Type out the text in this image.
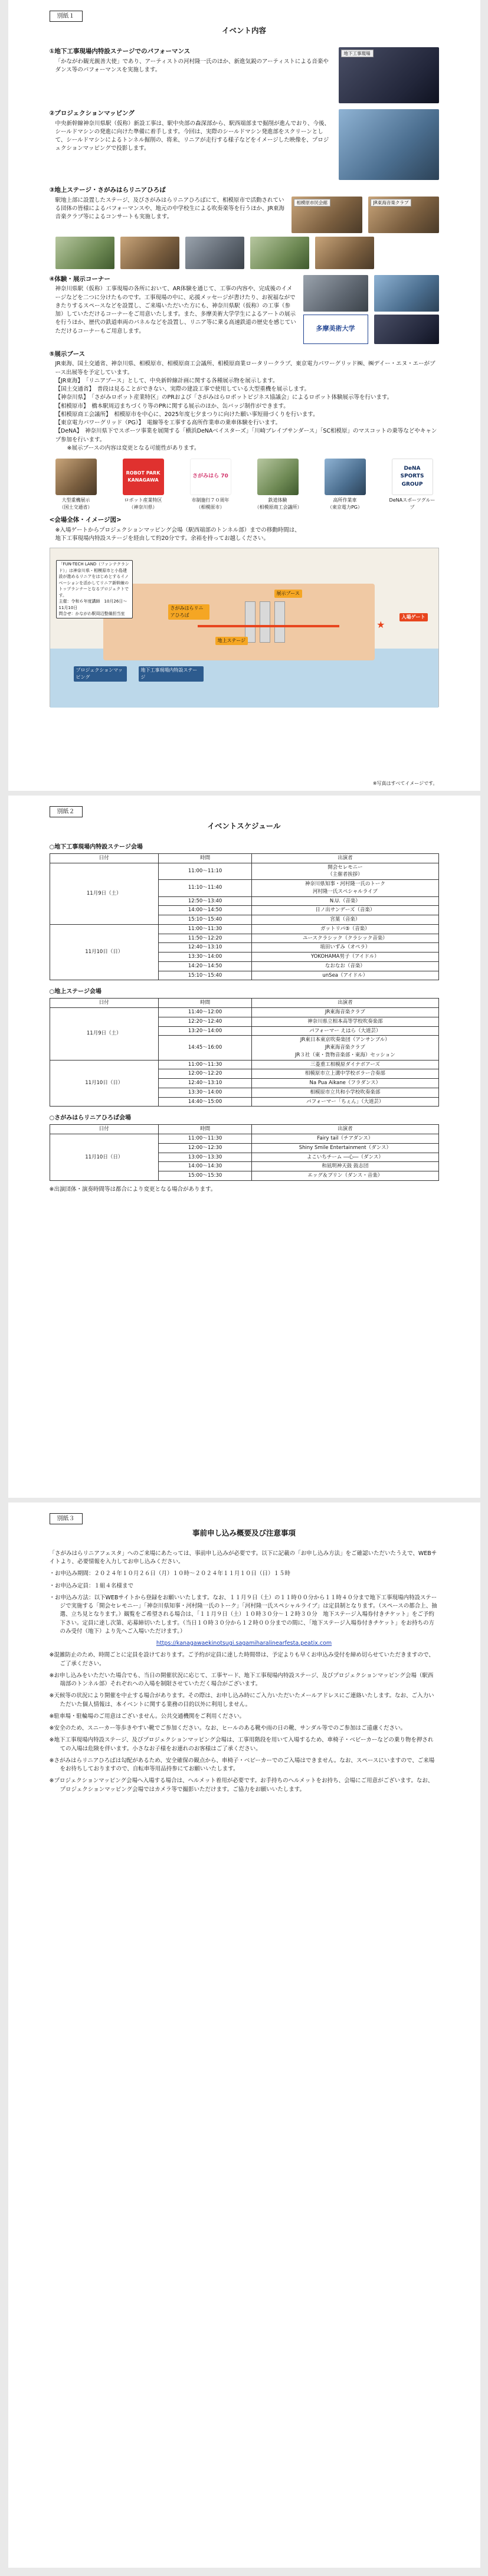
別紙１
イベント内容
①地下工事現場内特設ステージでのパフォーマンス
「かながわ観光親善大使」であり、アーティストの河村隆一氏のほか、新進気鋭のアーティストによる音楽やダンス等のパフォーマンスを実施します。
地下工事現場
②プロジェクションマッピング
中央新幹線神奈川県駅（仮称）新設工事は、駅中央部の森深部から、駅西端部まで掘削が進んでおり、今後、シールドマシンの発進に向けた準備に着手します。今回は、実際のシールドマシン発進部をスクリーンとして、シールドマシンによるトンネル掘削の、将来、リニアが走行する様子などをイメージした映像を、プロジェクションマッピングで投影します。
③地上ステージ・さがみはらリニアひろば
駅地上部に設置したステージ、及びさがみはらリニアひろばにて、相模原市で活動されている団体の皆様によるパフォーマンスや、地元の中学校生による吹奏楽等を行うほか、JR東海音楽クラブ等によるコンサートも実施します。
相模原市民会館	JR東海音楽クラブ
④体験・展示コーナー
神奈川県駅（仮称）工事現場の各所において、AR体験を通じて、工事の内容や、完成後のイメージなどを二つに分けたものです。工事現場の中に、応援メッセージが書けたり、お祝福なができたりするスペースなどを設置し、ご来場いただいた方にも、神奈川県駅（仮称）の工事（参加）していただけるコーナーをご用意いたします。また、多摩美術大学学生によるアートの展示を行うほか、歴代の鉄道車両のパネルなどを設置し、リニア等に乗る高速鉄道の歴史を感じていただけるコーナーもご用意します。	多摩美術大学
⑤展示ブース
JR東海、国土交通省、神奈川県、相模原市、相模原商工会議所、相模原商業ロータリークラブ、東京電力パワーグリッド㈱、㈱デイー・エヌ・エーがブース出展等を予定しています。
【JR東海】　「リニアブース」として、中央新幹線計画に関する各種展示物を展示します。
【国土交通省】　普段は見ることができない、実際の建設工事で使用している大型重機を展示します。
【神奈川県】　「さがみロボット産業特区」のPRおよび「さがみはらロボットビジネス協議会」によるロボット体験展示等を行います。
【相模原市】　橋本駅周辺まちづくり等のPRに関する展示のほか、缶バッジ制作ができます。
【相模原商工会議所】　相模原市を中心に、2025年度七夕まつりに向けた願い事短冊づくりを行います。
【東京電力パワーグリッド（PG）】　電線等を工事する高所作業車の乗車体験を行います。
【DeNA】　神奈川県下でスポーツ事業を展開する「横浜DeNAベイスターズ」「川崎ブレイブサンダース」「SC相模原」のマスコットの乗等などやキャンプ参加を行います。
※展示ブースの内容は変更となる可能性があります。
大型重機展示
（国土交通省）
ROBOT PARK KANAGAWA
ロボット産業特区
（神奈川県）
さがみはら 70
市制施行７０周年
（相模原市）
鉄道体験
（相模原商工会議所）
高所作業車
（東京電力PG）
DeNA SPORTS GROUP
DeNAスポーツグループ
<会場全体・イメージ図>
※入場ゲートからプロジェクションマッピング会場（駅西端部のトンネル部）までの移動時間は、
地下工事現場内特設ステージを経由して約20分です。余裕を持ってお越しください。
「FUN-TECH LAND（ファンテクランド）」は神奈川県・相模原市と小島建設が進めるリニアをはじめとするイノベーションを活かしてリニア新幹線のトップランナーとなるプロジェクトです。
主催：令和６年度講師　10月26日〜11月10日
問合せ：かながわ駅周辺整備担当室
入場ゲート
地上ステージ
さがみはらリニアひろば
展示ブース
プロジェクションマッピング
地下工事現場内特設ステージ
★
※写真はすべてイメージです。
別紙２
イベントスケジュール
○地下工事現場内特設ステージ会場
日付	時間	出演者
11月9日（土）	11:00〜11:10	開会セレモニー
（主催者挨拶）
	11:10〜11:40	神奈川県知事・河村隆一氏のトーク
河村隆一氏スペシャルライブ
	12:50〜13:40	N.U.（音楽）
	14:00〜14:50	日ノ出サンデーズ（音楽）
	15:10〜15:40	宮葉（音楽）
11月10日（日）	11:00〜11:30	ガットリパ⑤（音楽）
	11:50〜12:20	ユースクラシック（クラシック音楽）
	12:40〜13:10	埴田いずみ（オペラ）
	13:30〜14:00	YOKOHAMA男子（アイドル）
	14:20〜14:50	なおなお（音楽）
	15:10〜15:40	unSea（アイドル）
○地上ステージ会場
日付	時間	出演者
11月9日（土）	11:40〜12:00	JR東海音楽クラブ
	12:20〜12:40	神奈川県立相本高等学校吹奏楽部
	13:20〜14:00	パフォーマー えはら（大道芸）
	14:45〜16:00	JR東日本東京吹奏楽団（アンサンブル）
JR東海音楽クラブ
JR３社（東・貨物音楽部・東海）セッション
11月10日（日）	11:00〜11:30	三菱重工相模原ダイナボアーズ
	12:00〜12:20	相模原市立上溝中学校ボラー合奏部
	12:40〜13:10	Na Pua Aikane（フラダンス）
	13:30〜14:00	相模原市立共和小学校吹奏楽部
	14:40〜15:00	パフォーマー「ちぇん」（大道芸）
○さがみはらリニアひろば会場
日付	時間	出演者
11月10日（日）	11:00〜11:30	Fairy tail（チアダンス）
	12:00〜12:30	Shiny Smile Entertainment（ダンス）
	13:00〜13:30	よこいちチーム ―心―（ダンス）
	14:00〜14:30	和凪明神天鼓 鼓志団
	15:00〜15:30	エッグ＆プリン（ダンス・音楽）
※出演団体・演奏時間等は都合により変更となる場合があります。
別紙３
事前申し込み概要及び注意事項

「さがみはらリニアフェスタ」へのご来場にあたっては、事前申し込みが必要です。以下に記載の「お申し込み方法」をご確認いただいたうえで、WEBサイトより、必要情報を入力してお申し込みください。

・お申込み期間：２０２４年１０月２６日（月）１０時〜２０２４年１１月１０日（日）１５時

・お申込み定員：１組４名様まで

・お申込み方法：以下WEBサイトから登録をお願いいたします。なお、１１月９日（土）の１１時００分から１１時４０分まで地下工事現場内特設ステージで実施する「開会セレモニー」「神奈川県知事・河村隆一氏のトーク」「河村隆一氏スペシャルライブ」は定員制となります。（スペースの都合上、抽選、立ち見となります。）観覧をご希望される場合は、「１１月９日（土）１０時３０分〜１２時３０分　地下ステージ入場券付きチケット」をご予約下さい。定員に達し次第、応募締切いたします。（当日１０時３０分から１２時００分までの間に、「地下ステージ入場券付きチケット」をお持ちの方のみ受付（地下）より先へご入場いただけます。）

https://kanagawaekinotsugi.sagamiharalinearfesta.peatix.com

※混雑防止のため、時間ごとに定員を設けております。ご予約が定員に達した時間帯は、予定よりも早くお申込み受付を締め切らせていただきますので、ご了承ください。

※お申し込みをいただいた場合でも、当日の開催状況に応じて、工事ヤード、地下工事現場内特設ステージ、及びプロジェクションマッピング会場（駅西端部のトンネル部）それぞれへの入場を制限させていただく場合がございます。

※天候等の状況により開催を中止する場合があります。その際は、お申し込み時にご入力いただいたメールアドレスにご連絡いたします。なお、ご入力いただいた個人情報は、本イベントに関する業務の目的以外に利用しません。

※駐車場・駐輪場のご用意はございません。公共交通機関をご利用ください。

※安全のため、スニーカー等歩きやすい靴でご参加ください。なお、ヒールのある靴や雨の日の靴、サンダル等でのご参加はご遠慮ください。

※地下工事現場内特設ステージ、及びプロジェクションマッピング会場は、工事用階段を用いて入場するため、車椅子・ベビーカーなどの乗り物を押されての入場は危険を伴います。小さなお子様をお連れのお客様はご了承ください。

※さがみはらリニアひろばは勾配があるため、安全確保の観点から、車椅子・ベビーカーでのご入場はできません。なお、スペースにいますので、ご来場をお待ちしておりますので、自転車等用品持参にてお願いいたします。

※プロジェクションマッピング会場へ入場する場合は、ヘルメット着用が必要です。お手持ちのヘルメットをお持ち、会場にご用意がございます。なお、プロジェクションマッピング会場ではカメラ等で撮影いただけます。ご協力をお願いいたします。
